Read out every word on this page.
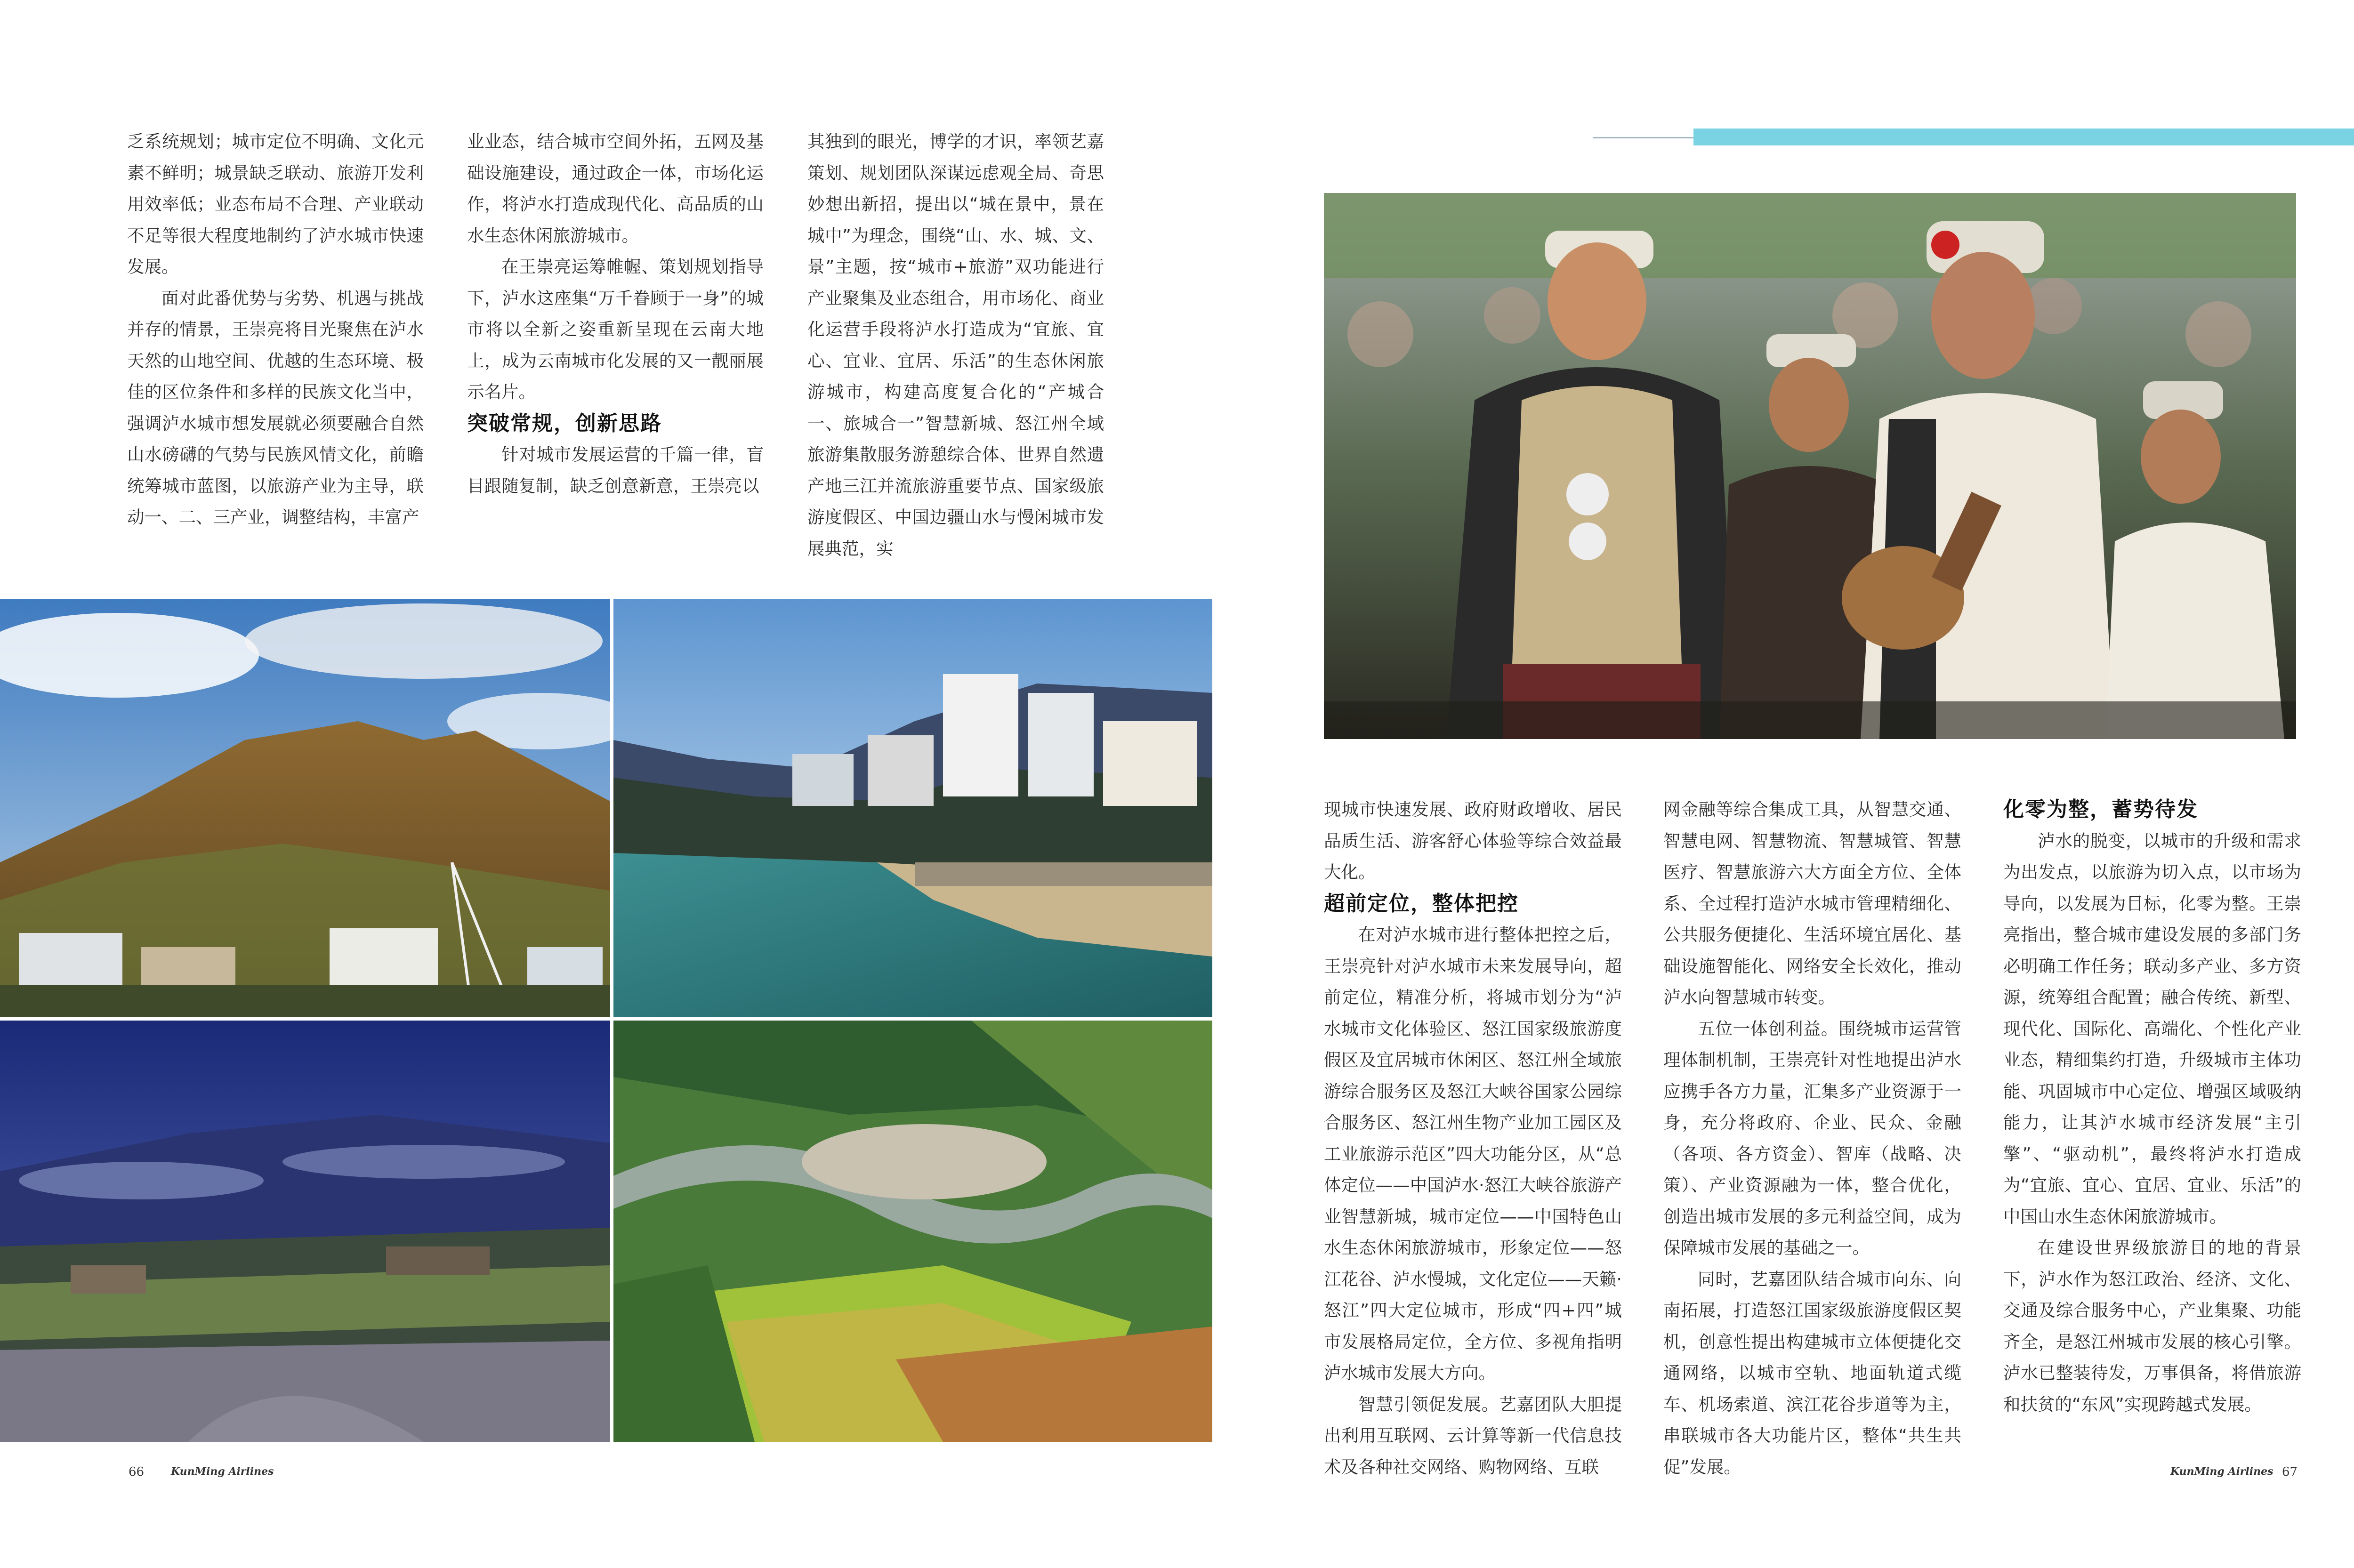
乏系统规划；城市定位不明确、文化元素不鲜明；城景缺乏联动、旅游开发利用效率低；业态布局不合理、产业联动不足等很大程度地制约了泸水城市快速发展。

面对此番优势与劣势、机遇与挑战并存的情景，王崇亮将目光聚焦在泸水天然的山地空间、优越的生态环境、极佳的区位条件和多样的民族文化当中，强调泸水城市想发展就必须要融合自然山水磅礴的气势与民族风情文化，前瞻统筹城市蓝图，以旅游产业为主导，联动一、二、三产业，调整结构，丰富产

业业态，结合城市空间外拓，五网及基础设施建设，通过政企一体，市场化运作，将泸水打造成现代化、高品质的山水生态休闲旅游城市。

在王崇亮运筹帷幄、策划规划指导下，泸水这座集“万千眷顾于一身”的城市将以全新之姿重新呈现在云南大地上，成为云南城市化发展的又一靓丽展示名片。

突破常规，创新思路

针对城市发展运营的千篇一律，盲目跟随复制，缺乏创意新意，王崇亮以

其独到的眼光，博学的才识，率领艺嘉策划、规划团队深谋远虑观全局、奇思妙想出新招，提出以“城在景中，景在城中”为理念，围绕“山、水、城、文、景”主题，按“城市+旅游”双功能进行产业聚集及业态组合，用市场化、商业化运营手段将泸水打造成为“宜旅、宜心、宜业、宜居、乐活”的生态休闲旅游城市，构建高度复合化的“产城合一、旅城合一”智慧新城、怒江州全域旅游集散服务游憩综合体、世界自然遗产地三江并流旅游重要节点、国家级旅游度假区、中国边疆山水与慢闲城市发展典范，实

66	KunMing Airlines

现城市快速发展、政府财政增收、居民品质生活、游客舒心体验等综合效益最大化。

超前定位，整体把控

在对泸水城市进行整体把控之后，王崇亮针对泸水城市未来发展导向，超前定位，精准分析，将城市划分为“泸水城市文化体验区、怒江国家级旅游度假区及宜居城市休闲区、怒江州全域旅游综合服务区及怒江大峡谷国家公园综合服务区、怒江州生物产业加工园区及工业旅游示范区”四大功能分区，从“总体定位——中国泸水·怒江大峡谷旅游产业智慧新城，城市定位——中国特色山水生态休闲旅游城市，形象定位——怒江花谷、泸水慢城，文化定位——天籁·怒江”四大定位城市，形成“四+四”城市发展格局定位，全方位、多视角指明泸水城市发展大方向。

智慧引领促发展。艺嘉团队大胆提出利用互联网、云计算等新一代信息技术及各种社交网络、购物网络、互联

网金融等综合集成工具，从智慧交通、智慧电网、智慧物流、智慧城管、智慧医疗、智慧旅游六大方面全方位、全体系、全过程打造泸水城市管理精细化、公共服务便捷化、生活环境宜居化、基础设施智能化、网络安全长效化，推动泸水向智慧城市转变。

五位一体创利益。围绕城市运营管理体制机制，王崇亮针对性地提出泸水应携手各方力量，汇集多产业资源于一身，充分将政府、企业、民众、金融（各项、各方资金）、智库（战略、决策）、产业资源融为一体，整合优化，创造出城市发展的多元利益空间，成为保障城市发展的基础之一。

同时，艺嘉团队结合城市向东、向南拓展，打造怒江国家级旅游度假区契机，创意性提出构建城市立体便捷化交通网络，以城市空轨、地面轨道式缆车、机场索道、滨江花谷步道等为主，串联城市各大功能片区，整体“共生共促”发展。

化零为整，蓄势待发

泸水的脱变，以城市的升级和需求为出发点，以旅游为切入点，以市场为导向，以发展为目标，化零为整。王崇亮指出，整合城市建设发展的多部门务必明确工作任务；联动多产业、多方资源，统筹组合配置；融合传统、新型、现代化、国际化、高端化、个性化产业业态，精细集约打造，升级城市主体功能、巩固城市中心定位、增强区域吸纳能力，让其泸水城市经济发展“主引擎”、“驱动机”，最终将泸水打造成为“宜旅、宜心、宜居、宜业、乐活”的中国山水生态休闲旅游城市。

在建设世界级旅游目的地的背景下，泸水作为怒江政治、经济、文化、交通及综合服务中心，产业集聚、功能齐全，是怒江州城市发展的核心引擎。泸水已整装待发，万事俱备，将借旅游和扶贫的“东风”实现跨越式发展。

KunMing Airlines 67
